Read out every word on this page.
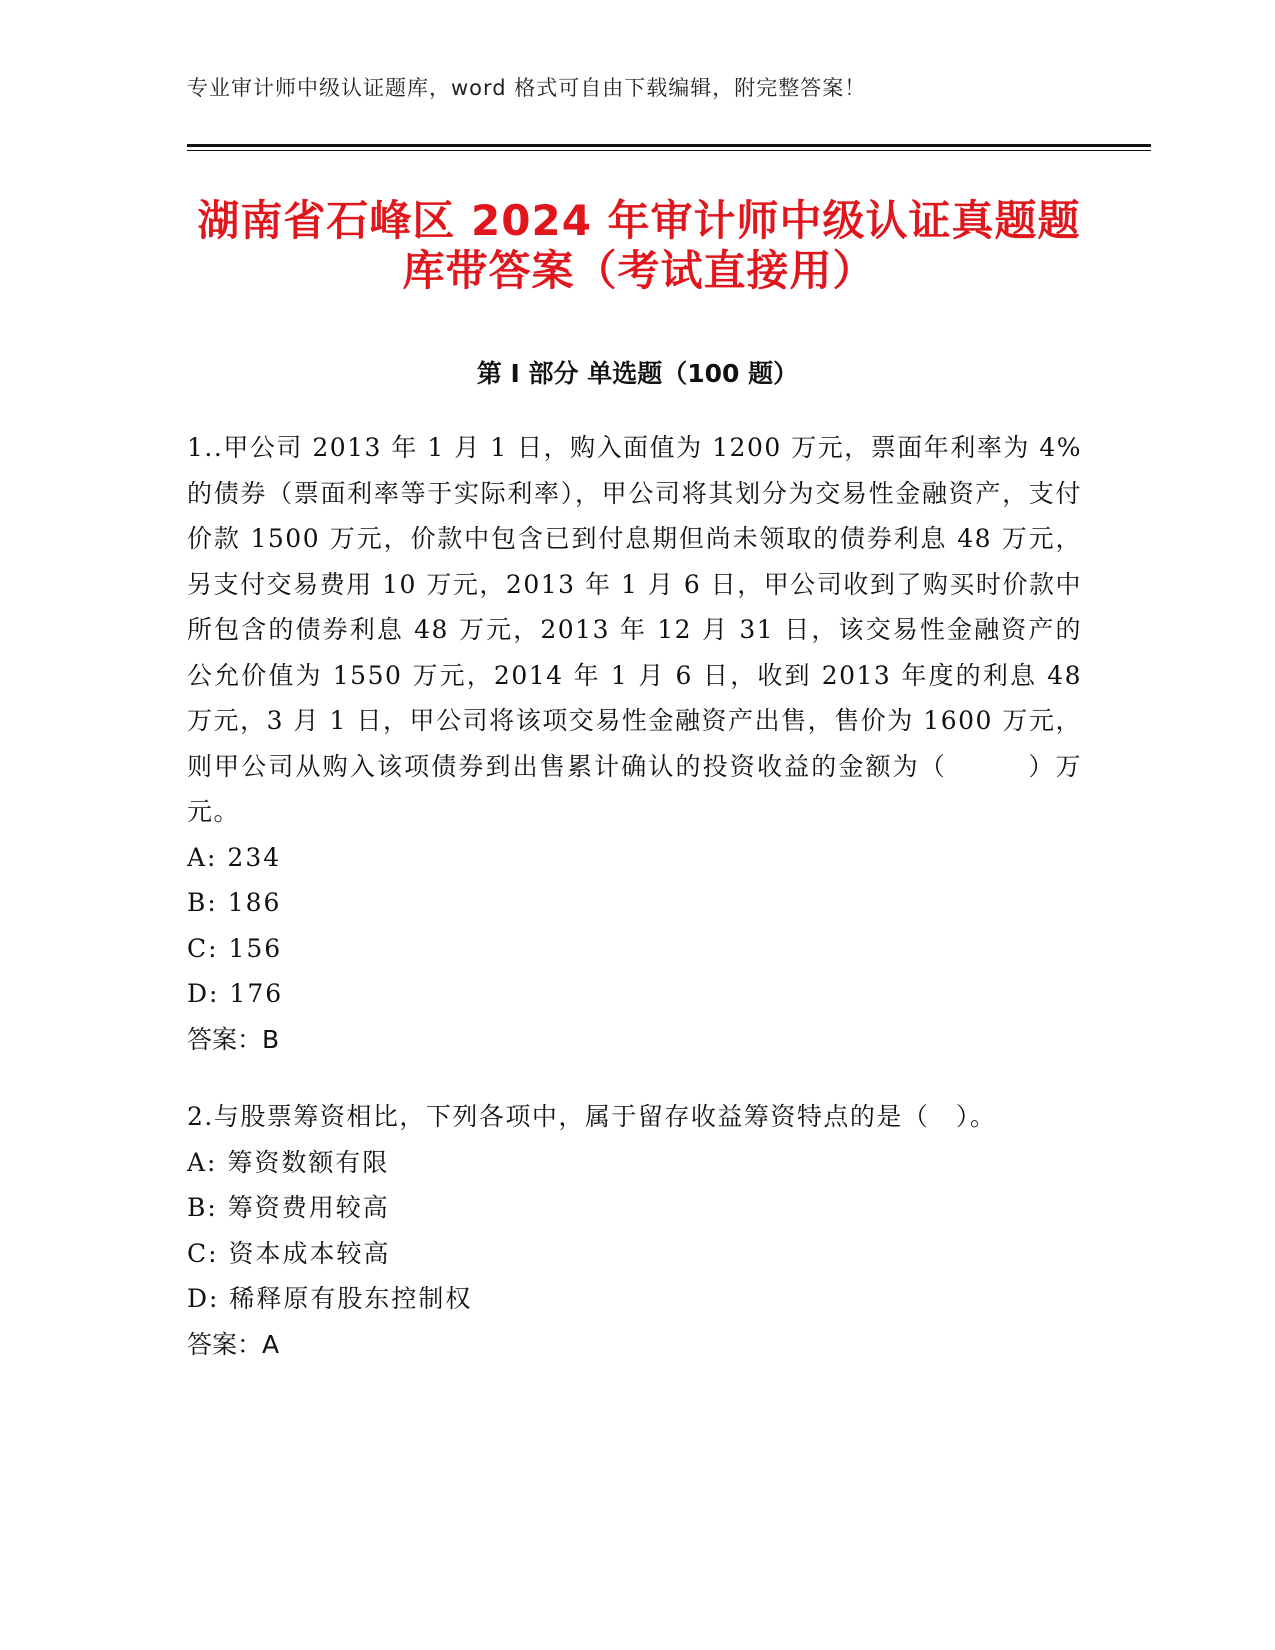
专业审计师中级认证题库，word 格式可自由下载编辑，附完整答案！
湖南省石峰区 2024 年审计师中级认证真题题
库带答案（考试直接用）
第 I 部分 单选题（100 题）

1..甲公司 2013 年 1 月 1 日，购入面值为 1200 万元，票面年利率为 4%的债券（票面利率等于实际利率），甲公司将其划分为交易性金融资产，支付价款 1500 万元，价款中包含已到付息期但尚未领取的债券利息 48 万元，另支付交易费用 10 万元，2013 年 1 月 6 日，甲公司收到了购买时价款中所包含的债券利息 48 万元，2013 年 12 月 31 日，该交易性金融资产的公允价值为 1550 万元，2014 年 1 月 6 日，收到 2013 年度的利息 48 万元，3 月 1 日，甲公司将该项交易性金融资产出售，售价为 1600 万元，则甲公司从购入该项债券到出售累计确认的投资收益的金额为（　　　）万元。

A: 234

B: 186

C: 156

D: 176

答案：B

2.与股票筹资相比，下列各项中，属于留存收益筹资特点的是（　）。

A: 筹资数额有限

B: 筹资费用较高

C: 资本成本较高

D: 稀释原有股东控制权

答案：A
